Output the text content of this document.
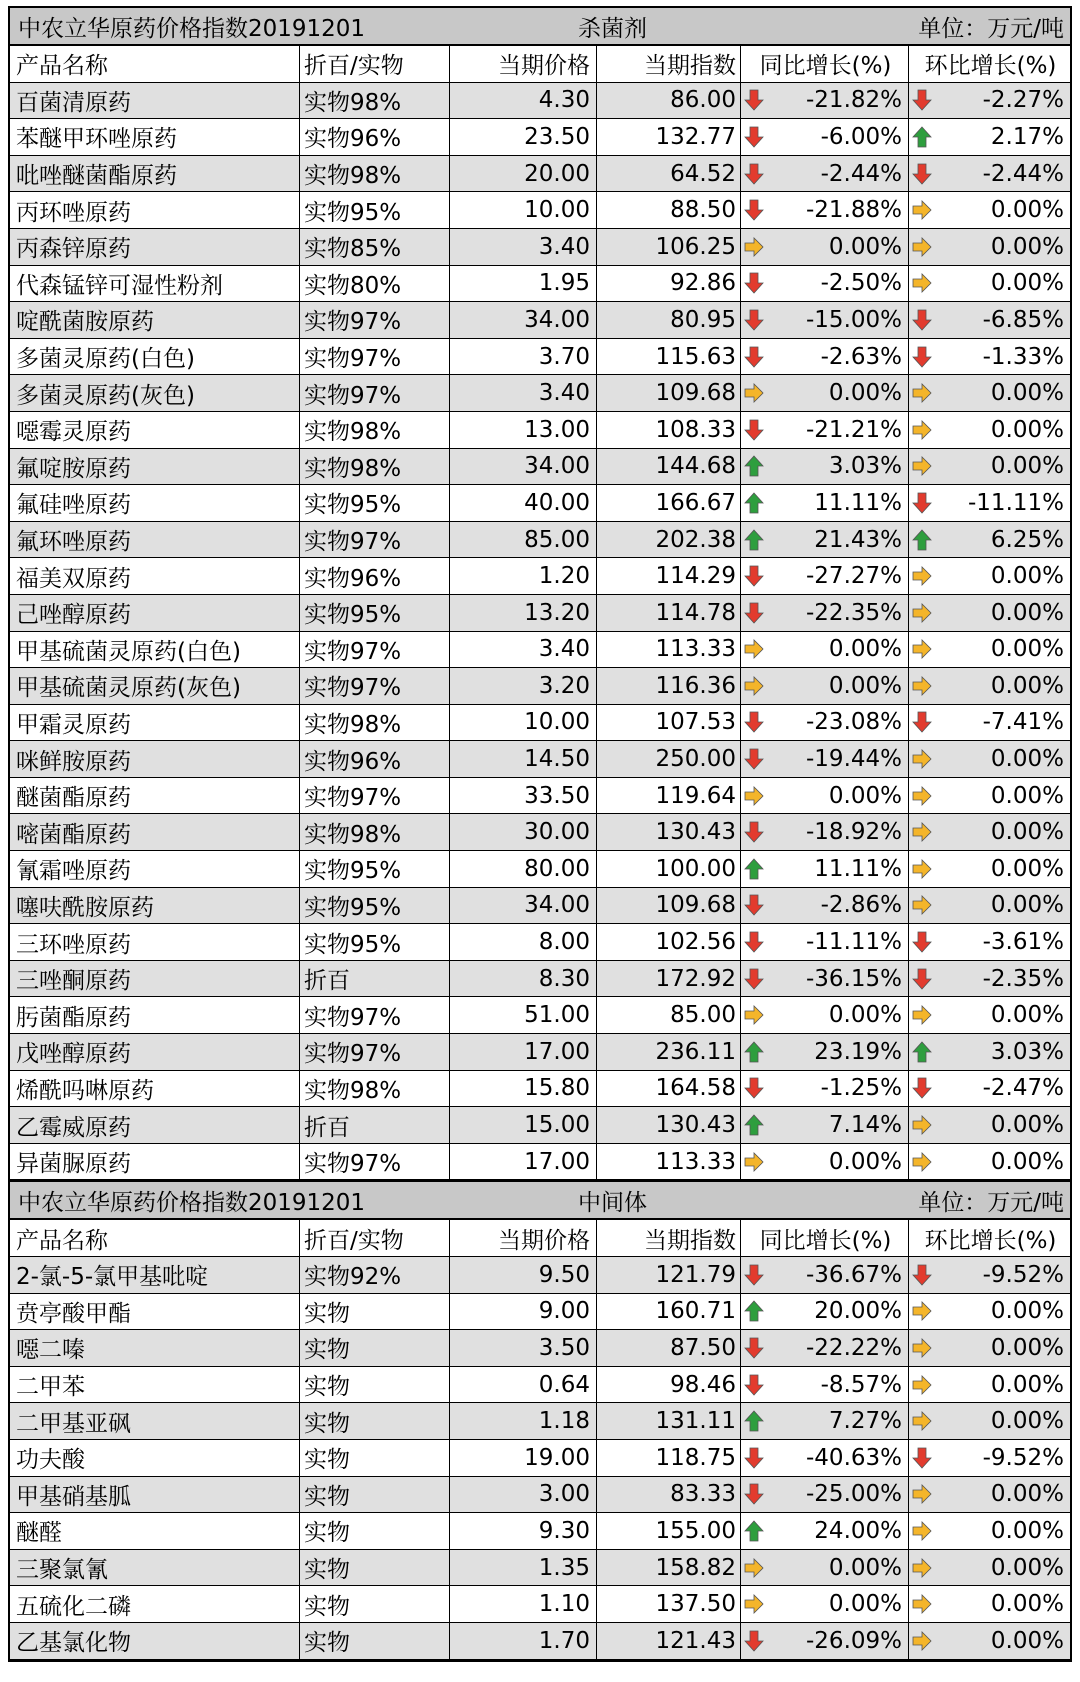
中农立华原药价格指数20191201	杀菌剂	单位：万元/吨
产品名称	折百/实物	当期价格	当期指数	同比增长(%)	环比增长(%)
百菌清原药	实物98%	4.30	86.00	-21.82%	-2.27%
苯醚甲环唑原药	实物96%	23.50	132.77	-6.00%	2.17%
吡唑醚菌酯原药	实物98%	20.00	64.52	-2.44%	-2.44%
丙环唑原药	实物95%	10.00	88.50	-21.88%	0.00%
丙森锌原药	实物85%	3.40	106.25	0.00%	0.00%
代森锰锌可湿性粉剂	实物80%	1.95	92.86	-2.50%	0.00%
啶酰菌胺原药	实物97%	34.00	80.95	-15.00%	-6.85%
多菌灵原药(白色)	实物97%	3.70	115.63	-2.63%	-1.33%
多菌灵原药(灰色)	实物97%	3.40	109.68	0.00%	0.00%
噁霉灵原药	实物98%	13.00	108.33	-21.21%	0.00%
氟啶胺原药	实物98%	34.00	144.68	3.03%	0.00%
氟硅唑原药	实物95%	40.00	166.67	11.11%	-11.11%
氟环唑原药	实物97%	85.00	202.38	21.43%	6.25%
福美双原药	实物96%	1.20	114.29	-27.27%	0.00%
己唑醇原药	实物95%	13.20	114.78	-22.35%	0.00%
甲基硫菌灵原药(白色)	实物97%	3.40	113.33	0.00%	0.00%
甲基硫菌灵原药(灰色)	实物97%	3.20	116.36	0.00%	0.00%
甲霜灵原药	实物98%	10.00	107.53	-23.08%	-7.41%
咪鲜胺原药	实物96%	14.50	250.00	-19.44%	0.00%
醚菌酯原药	实物97%	33.50	119.64	0.00%	0.00%
嘧菌酯原药	实物98%	30.00	130.43	-18.92%	0.00%
氰霜唑原药	实物95%	80.00	100.00	11.11%	0.00%
噻呋酰胺原药	实物95%	34.00	109.68	-2.86%	0.00%
三环唑原药	实物95%	8.00	102.56	-11.11%	-3.61%
三唑酮原药	折百	8.30	172.92	-36.15%	-2.35%
肟菌酯原药	实物97%	51.00	85.00	0.00%	0.00%
戊唑醇原药	实物97%	17.00	236.11	23.19%	3.03%
烯酰吗啉原药	实物98%	15.80	164.58	-1.25%	-2.47%
乙霉威原药	折百	15.00	130.43	7.14%	0.00%
异菌脲原药	实物97%	17.00	113.33	0.00%	0.00%
中农立华原药价格指数20191201	中间体	单位：万元/吨
产品名称	折百/实物	当期价格	当期指数	同比增长(%)	环比增长(%)
2-氯-5-氯甲基吡啶	实物92%	9.50	121.79	-36.67%	-9.52%
贲亭酸甲酯	实物	9.00	160.71	20.00%	0.00%
噁二嗪	实物	3.50	87.50	-22.22%	0.00%
二甲苯	实物	0.64	98.46	-8.57%	0.00%
二甲基亚砜	实物	1.18	131.11	7.27%	0.00%
功夫酸	实物	19.00	118.75	-40.63%	-9.52%
甲基硝基胍	实物	3.00	83.33	-25.00%	0.00%
醚醛	实物	9.30	155.00	24.00%	0.00%
三聚氯氰	实物	1.35	158.82	0.00%	0.00%
五硫化二磷	实物	1.10	137.50	0.00%	0.00%
乙基氯化物	实物	1.70	121.43	-26.09%	0.00%
